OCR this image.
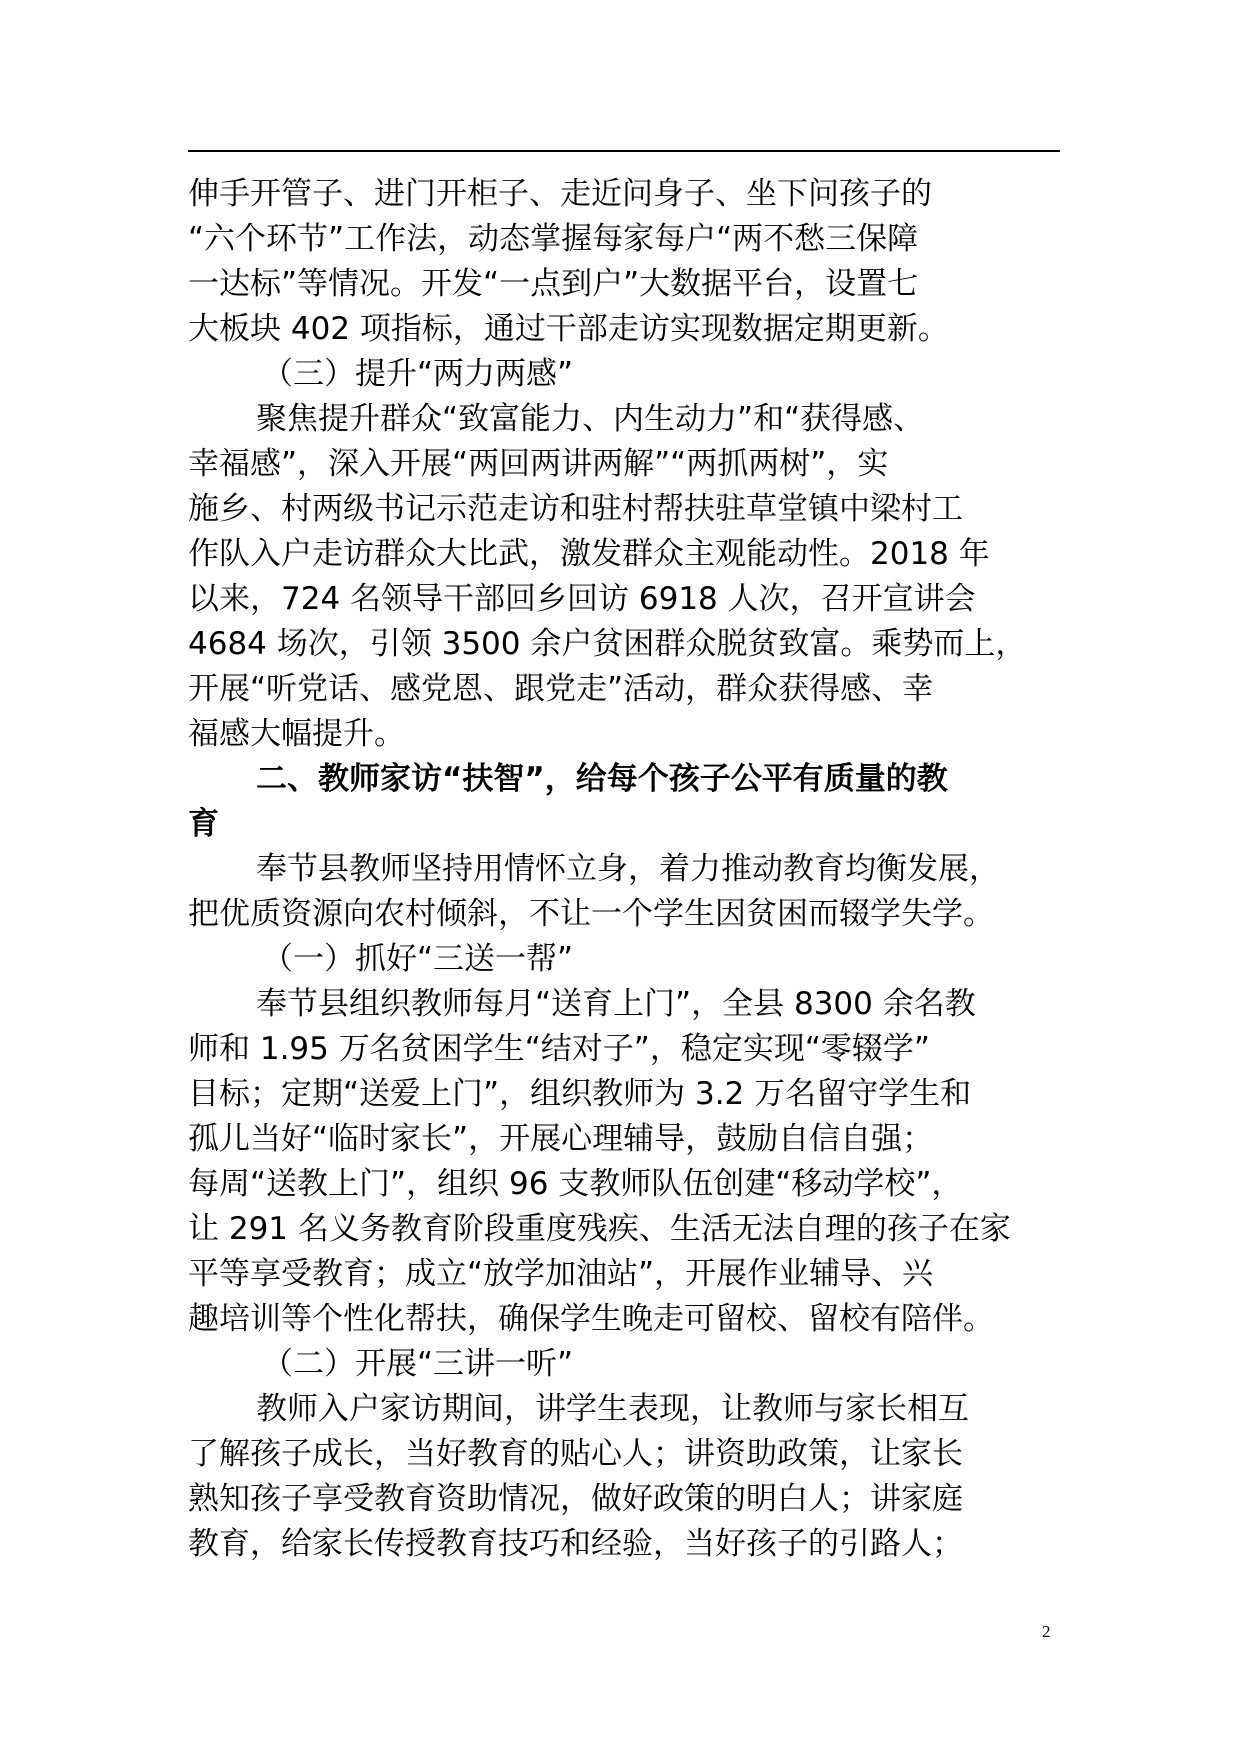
伸手开管子、进门开柜子、走近问身子、坐下问孩子的
“六个环节”工作法，动态掌握每家每户“两不愁三保障
一达标”等情况。开发“一点到户”大数据平台，设置七
大板块 402 项指标，通过干部走访实现数据定期更新。
（三）提升“两力两感”
聚焦提升群众“致富能力、内生动力”和“获得感、
幸福感”，深入开展“两回两讲两解”“两抓两树”，实
施乡、村两级书记示范走访和驻村帮扶驻草堂镇中梁村工
作队入户走访群众大比武，激发群众主观能动性。2018 年
以来，724 名领导干部回乡回访 6918 人次，召开宣讲会
4684 场次，引领 3500 余户贫困群众脱贫致富。乘势而上，
开展“听党话、感党恩、跟党走”活动，群众获得感、幸
福感大幅提升。
二、教师家访“扶智”，给每个孩子公平有质量的教
育
奉节县教师坚持用情怀立身，着力推动教育均衡发展，
把优质资源向农村倾斜，不让一个学生因贫困而辍学失学。
（一）抓好“三送一帮”
奉节县组织教师每月“送育上门”，全县 8300 余名教
师和 1.95 万名贫困学生“结对子”，稳定实现“零辍学”
目标；定期“送爱上门”，组织教师为 3.2 万名留守学生和
孤儿当好“临时家长”，开展心理辅导，鼓励自信自强；
每周“送教上门”，组织 96 支教师队伍创建“移动学校”，
让 291 名义务教育阶段重度残疾、生活无法自理的孩子在家
平等享受教育；成立“放学加油站”，开展作业辅导、兴
趣培训等个性化帮扶，确保学生晚走可留校、留校有陪伴。
（二）开展“三讲一听”
教师入户家访期间，讲学生表现，让教师与家长相互
了解孩子成长，当好教育的贴心人；讲资助政策，让家长
熟知孩子享受教育资助情况，做好政策的明白人；讲家庭
教育，给家长传授教育技巧和经验，当好孩子的引路人；
2
